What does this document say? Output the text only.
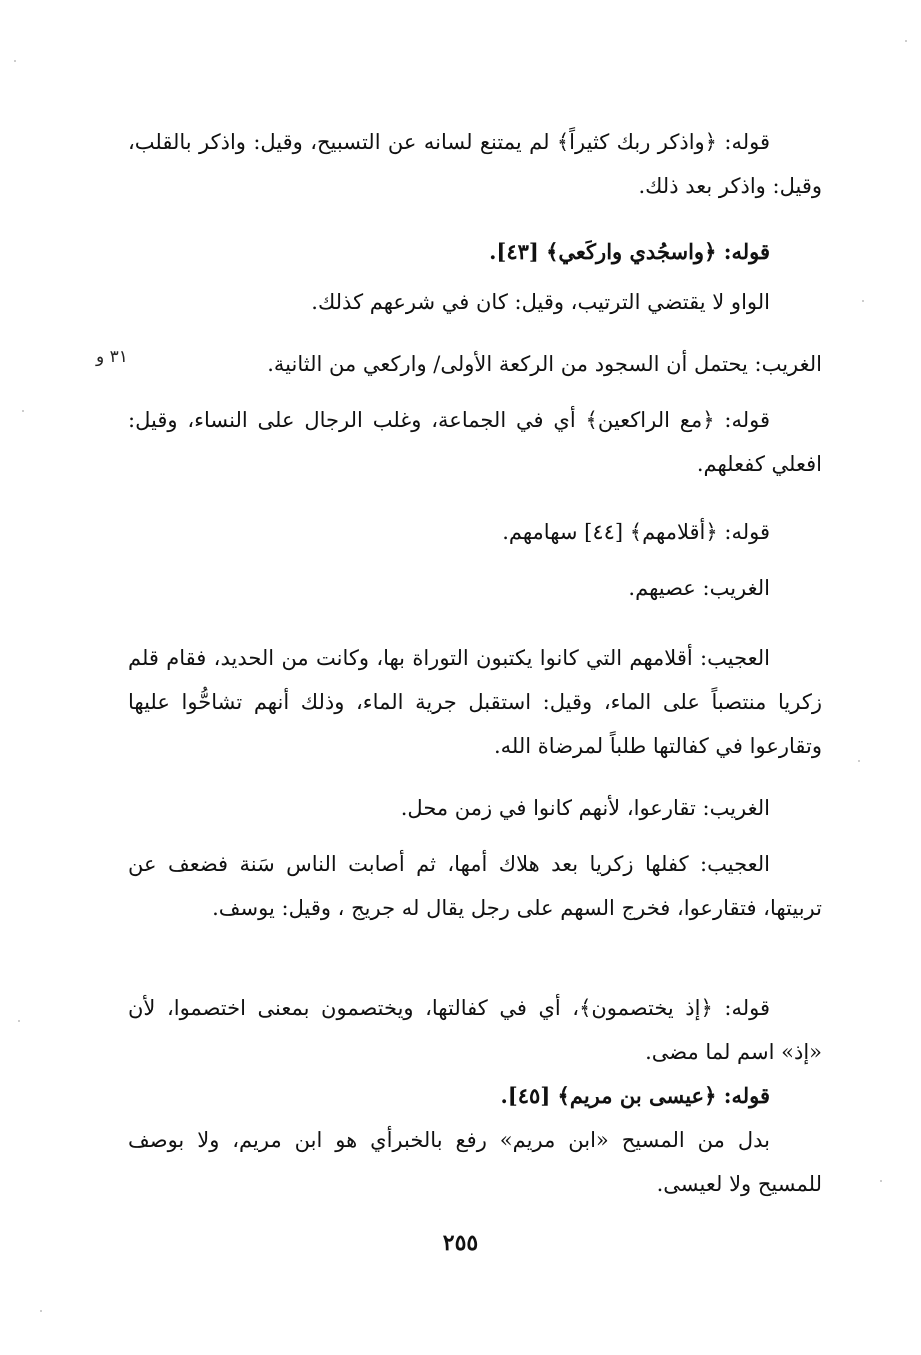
قوله: ﴿واذكر ربك كثيراً﴾ لم يمتنع لسانه عن التسبيح، وقيل: واذكر بالقلب، وقيل: واذكر بعد ذلك.

قوله: ﴿واسجُدي واركَعي﴾ [٤٣].

الواو لا يقتضي الترتيب، وقيل: كان في شرعهم كذلك.

الغريب: يحتمل أن السجود من الركعة الأولى/ واركعي من الثانية.

٣١ و

قوله: ﴿مع الراكعين﴾ أي في الجماعة، وغلب الرجال على النساء، وقيل: افعلي كفعلهم.

قوله: ﴿أقلامهم﴾ [٤٤] سهامهم.

الغريب: عصيهم.

العجيب: أقلامهم التي كانوا يكتبون التوراة بها، وكانت من الحديد، فقام قلم زكريا منتصباً على الماء، وقيل: استقبل جرية الماء، وذلك أنهم تشاحُّوا عليها وتقارعوا في كفالتها طلباً لمرضاة الله.

الغريب: تقارعوا، لأنهم كانوا في زمن محل.

العجيب: كفلها زكريا بعد هلاك أمها، ثم أصابت الناس سَنة فضعف عن تربيتها، فتقارعوا، فخرج السهم على رجل يقال له جريج ، وقيل: يوسف.

قوله: ﴿إذ يختصمون﴾، أي في كفالتها، ويختصمون بمعنى اختصموا، لأن «إذ» اسم لما مضى.

قوله: ﴿عيسى بن مريم﴾ [٤٥].

بدل من المسيح «ابن مريم» رفع بالخبرأي هو ابن مريم، ولا بوصف للمسيح ولا لعيسى.

٢٥٥
